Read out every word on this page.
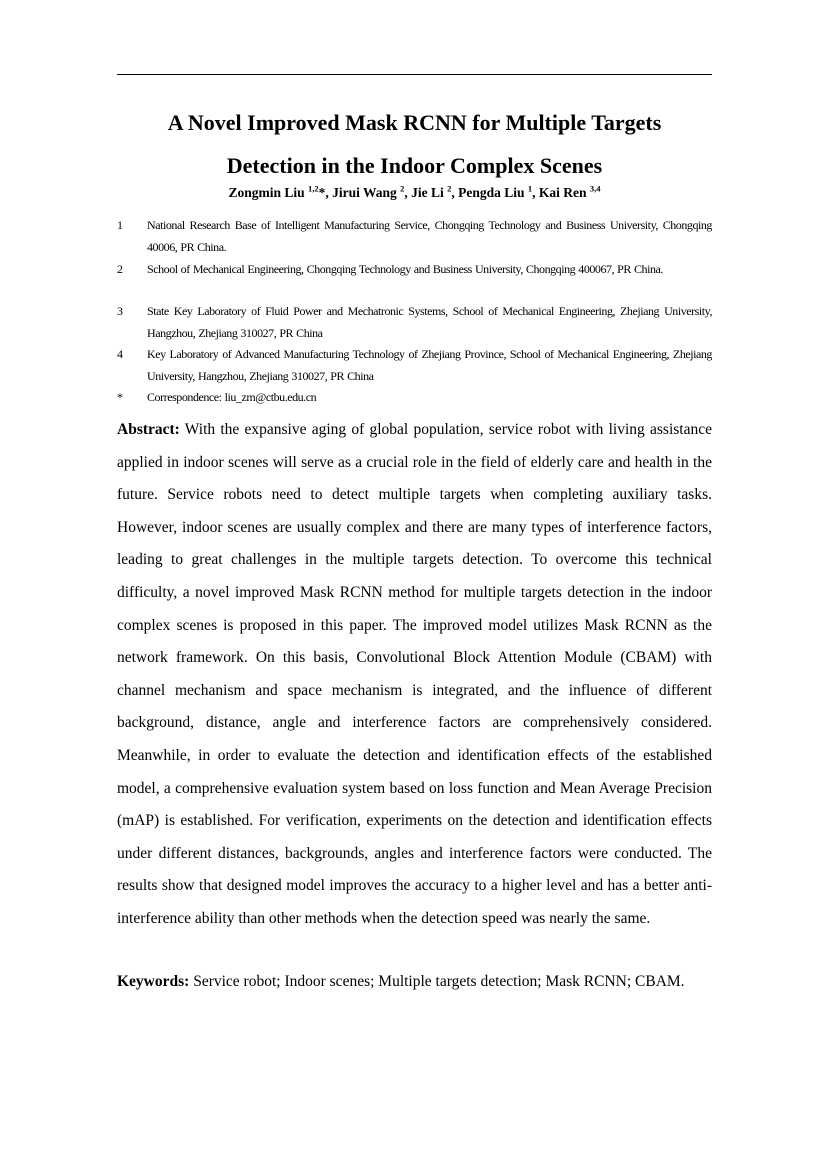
A Novel Improved Mask RCNN for Multiple Targets
Detection in the Indoor Complex Scenes
Zongmin Liu $^{1,2}$*, Jirui Wang $^2$, Jie Li $^2$, Pengda Liu $^1$, Kai Ren $^{3,4}$
1	National Research Base of Intelligent Manufacturing Service, Chongqing Technology and Business University, Chongqing 40006, PR China.
2	School of Mechanical Engineering, Chongqing Technology and Business University, Chongqing 400067, PR China.
3	State Key Laboratory of Fluid Power and Mechatronic Systems, School of Mechanical Engineering, Zhejiang University, Hangzhou, Zhejiang 310027, PR China
4	Key Laboratory of Advanced Manufacturing Technology of Zhejiang Province, School of Mechanical Engineering, Zhejiang University, Hangzhou, Zhejiang 310027, PR China
*	Correspondence: liu_zm@ctbu.edu.cn
Abstract: With the expansive aging of global population, service robot with living assistance applied in indoor scenes will serve as a crucial role in the field of elderly care and health in the future. Service robots need to detect multiple targets when completing auxiliary tasks. However, indoor scenes are usually complex and there are many types of interference factors, leading to great challenges in the multiple targets detection. To overcome this technical difficulty, a novel improved Mask RCNN method for multiple targets detection in the indoor complex scenes is proposed in this paper. The improved model utilizes Mask RCNN as the network framework. On this basis, Convolutional Block Attention Module (CBAM) with channel mechanism and space mechanism is integrated, and the influence of different background, distance, angle and interference factors are comprehensively considered. Meanwhile, in order to evaluate the detection and identification effects of the established model, a comprehensive evaluation system based on loss function and Mean Average Precision (mAP) is established. For verification, experiments on the detection and identification effects under different distances, backgrounds, angles and interference factors were conducted. The results show that designed model improves the accuracy to a higher level and has a better anti-interference ability than other methods when the detection speed was nearly the same.
Keywords: Service robot; Indoor scenes; Multiple targets detection; Mask RCNN; CBAM.
